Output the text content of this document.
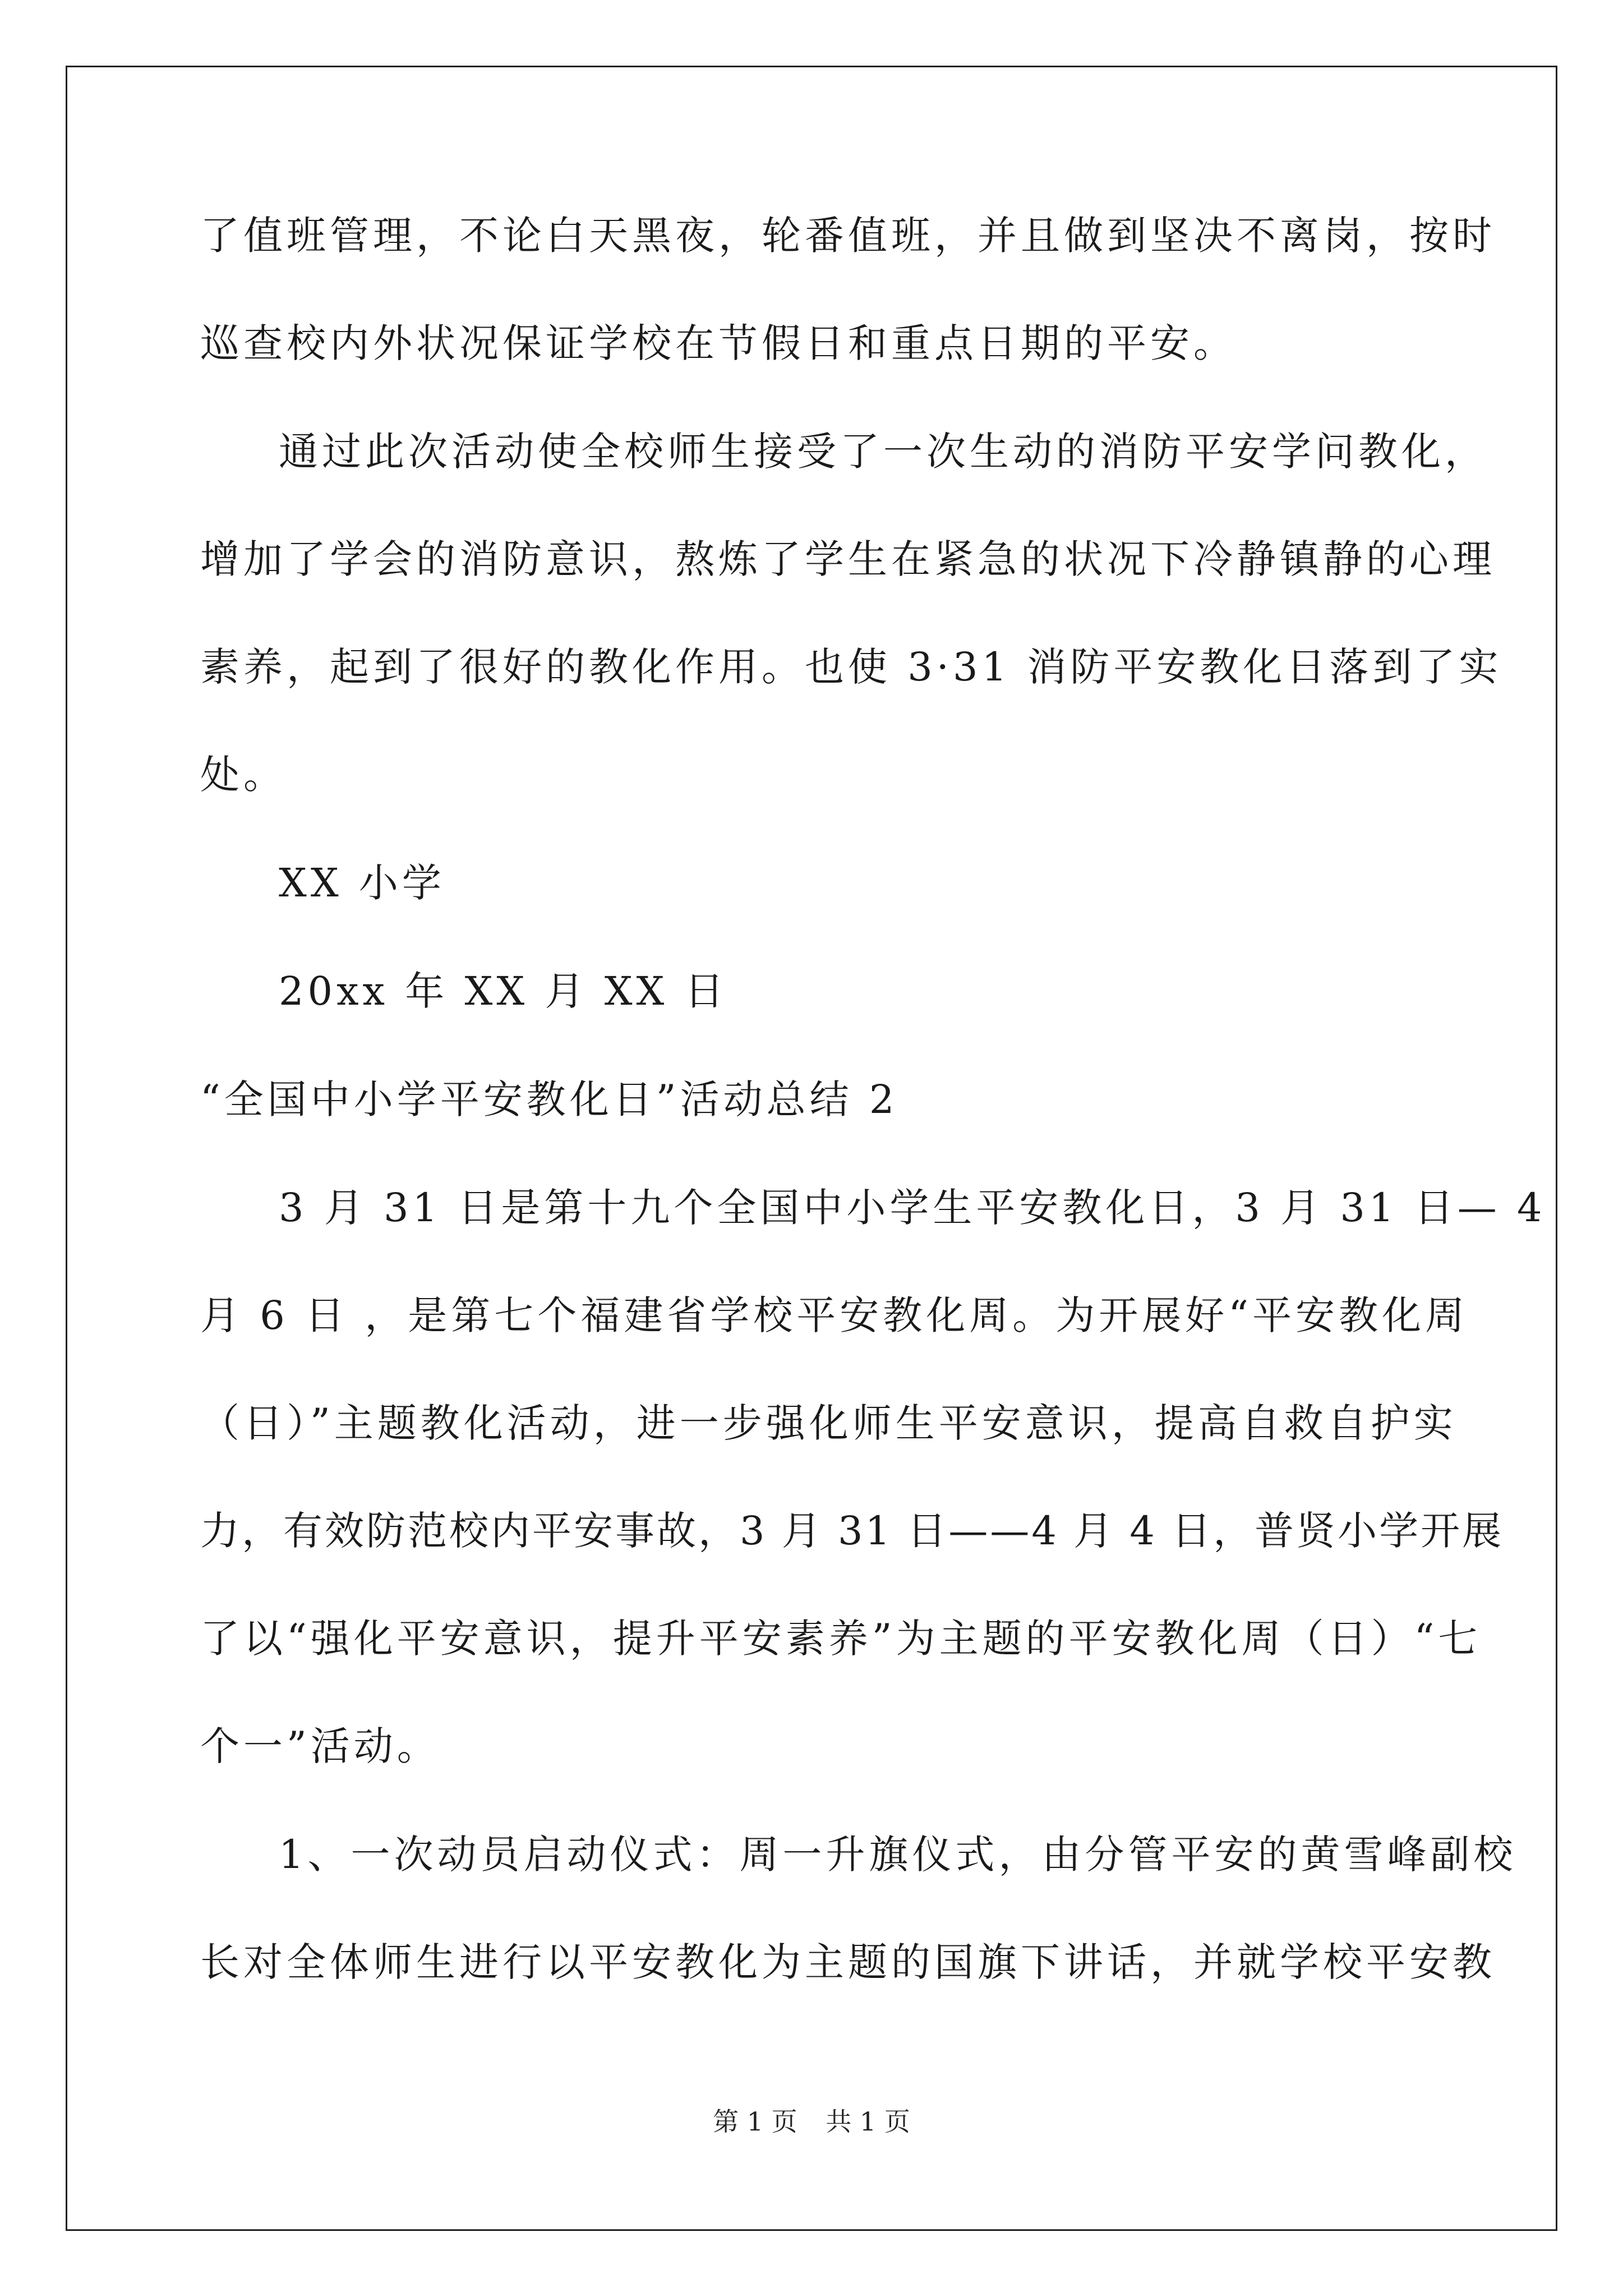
了值班管理，不论白天黑夜，轮番值班，并且做到坚决不离岗，按时
巡查校内外状况保证学校在节假日和重点日期的平安。
通过此次活动使全校师生接受了一次生动的消防平安学问教化，
增加了学会的消防意识，熬炼了学生在紧急的状况下冷静镇静的心理
素养，起到了很好的教化作用。也使 3·31 消防平安教化日落到了实
处。
XX 小学
20xx 年 XX 月 XX 日
“全国中小学平安教化日”活动总结 2
3 月 31 日是第十九个全国中小学生平安教化日，3 月 31 日— 4
月 6 日 ，是第七个福建省学校平安教化周。为开展好“平安教化周
（日）”主题教化活动，进一步强化师生平安意识，提高自救自护实
力，有效防范校内平安事故，3 月 31 日——4 月 4 日，普贤小学开展
了以“强化平安意识，提升平安素养”为主题的平安教化周（日）“七
个一”活动。
1、一次动员启动仪式：周一升旗仪式，由分管平安的黄雪峰副校
长对全体师生进行以平安教化为主题的国旗下讲话，并就学校平安教
第 1 页 共 1 页
